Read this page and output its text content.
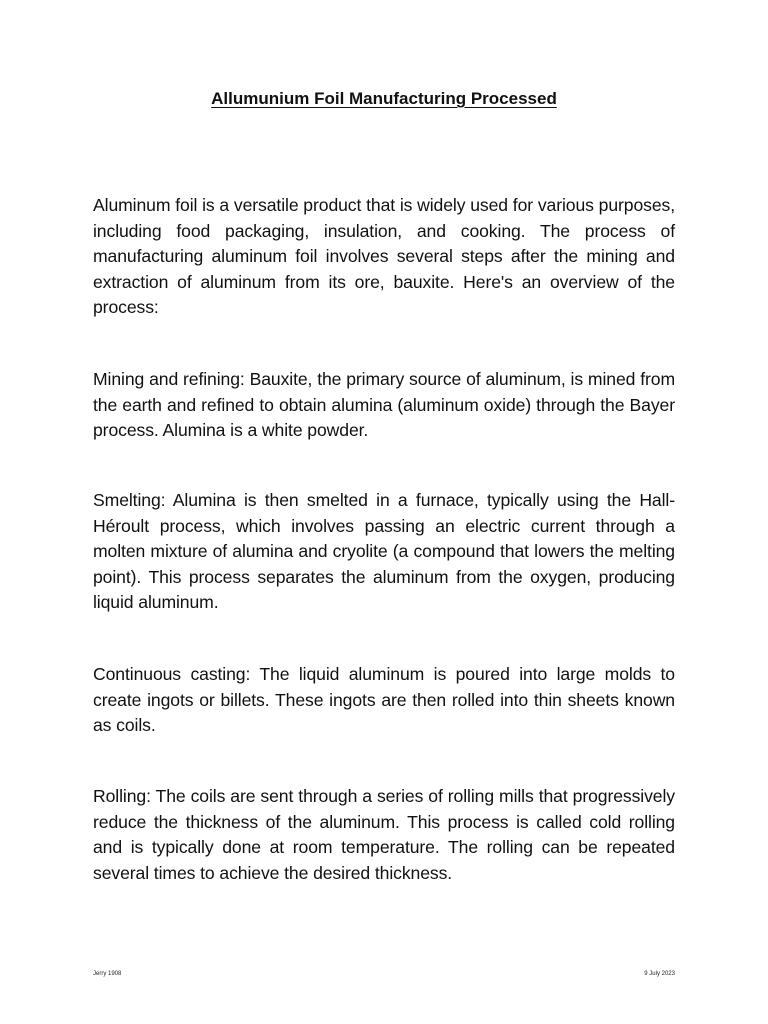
Allumunium Foil Manufacturing Processed

Aluminum foil is a versatile product that is widely used for various purposes, including food packaging, insulation, and cooking. The process of manufacturing aluminum foil involves several steps after the mining and extraction of aluminum from its ore, bauxite. Here's an overview of the process:

Mining and refining: Bauxite, the primary source of aluminum, is mined from the earth and refined to obtain alumina (aluminum oxide) through the Bayer process. Alumina is a white powder.

Smelting: Alumina is then smelted in a furnace, typically using the Hall-Héroult process, which involves passing an electric current through a molten mixture of alumina and cryolite (a compound that lowers the melting point). This process separates the aluminum from the oxygen, producing liquid aluminum.

Continuous casting: The liquid aluminum is poured into large molds to create ingots or billets. These ingots are then rolled into thin sheets known as coils.

Rolling: The coils are sent through a series of rolling mills that progressively reduce the thickness of the aluminum. This process is called cold rolling and is typically done at room temperature. The rolling can be repeated several times to achieve the desired thickness.

Jerry 1908	9 July 2023
